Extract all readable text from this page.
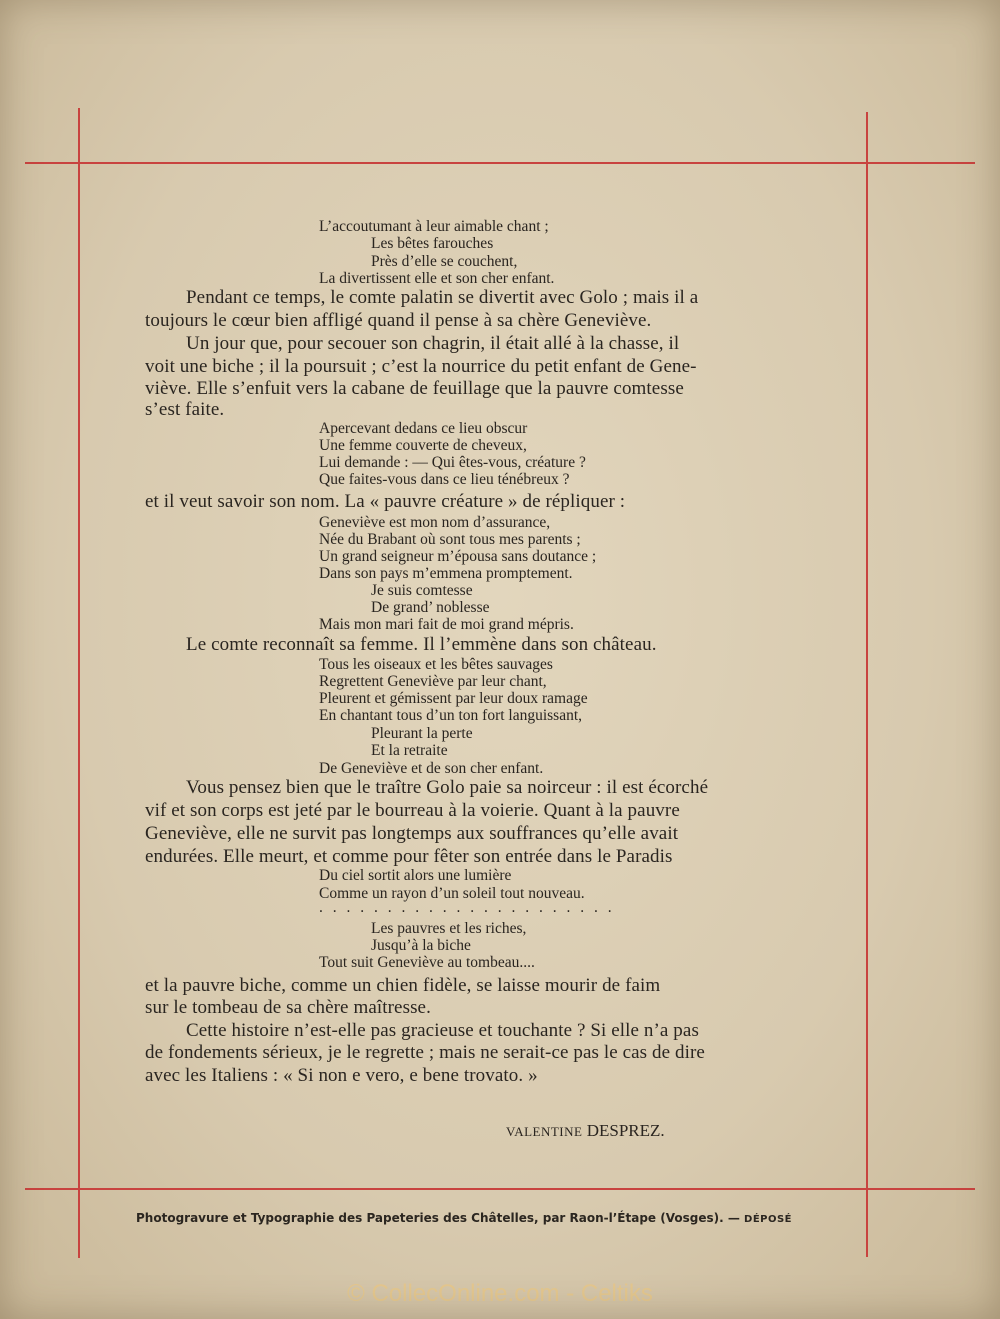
L’accoutumant à leur aimable chant ;
Les bêtes farouches
Près d’elle se couchent,
La divertissent elle et son cher enfant.
Pendant ce temps, le comte palatin se divertit avec Golo ; mais il a
toujours le cœur bien affligé quand il pense à sa chère Geneviève.
Un jour que, pour secouer son chagrin, il était allé à la chasse, il
voit une biche ; il la poursuit ; c’est la nourrice du petit enfant de Gene-
viève. Elle s’enfuit vers la cabane de feuillage que la pauvre comtesse
s’est faite.
Apercevant dedans ce lieu obscur
Une femme couverte de cheveux,
Lui demande : — Qui êtes-vous, créature ?
Que faites-vous dans ce lieu ténébreux ?
et il veut savoir son nom. La « pauvre créature » de répliquer :
Geneviève est mon nom d’assurance,
Née du Brabant où sont tous mes parents ;
Un grand seigneur m’épousa sans doutance ;
Dans son pays m’emmena promptement.
Je suis comtesse
De grand’ noblesse
Mais mon mari fait de moi grand mépris.
Le comte reconnaît sa femme. Il l’emmène dans son château.
Tous les oiseaux et les bêtes sauvages
Regrettent Geneviève par leur chant,
Pleurent et gémissent par leur doux ramage
En chantant tous d’un ton fort languissant,
Pleurant la perte
Et la retraite
De Geneviève et de son cher enfant.
Vous pensez bien que le traître Golo paie sa noirceur : il est écorché
vif et son corps est jeté par le bourreau à la voierie. Quant à la pauvre
Geneviève, elle ne survit pas longtemps aux souffrances qu’elle avait
endurées. Elle meurt, et comme pour fêter son entrée dans le Paradis
Du ciel sortit alors une lumière
Comme un rayon d’un soleil tout nouveau.
. . . . . . . . . . . . . . . . . . . . . .
Les pauvres et les riches,
Jusqu’à la biche
Tout suit Geneviève au tombeau....
et la pauvre biche, comme un chien fidèle, se laisse mourir de faim
sur le tombeau de sa chère maîtresse.
Cette histoire n’est-elle pas gracieuse et touchante ? Si elle n’a pas
de fondements sérieux, je le regrette ; mais ne serait-ce pas le cas de dire
avec les Italiens : « Si non e vero, e bene trovato. »
VALENTINE DESPREZ.
Photogravure et Typographie des Papeteries des Châtelles, par Raon-l’Étape (Vosges). — DÉPOSÉ
© CollecOnline.com - Celtiks
